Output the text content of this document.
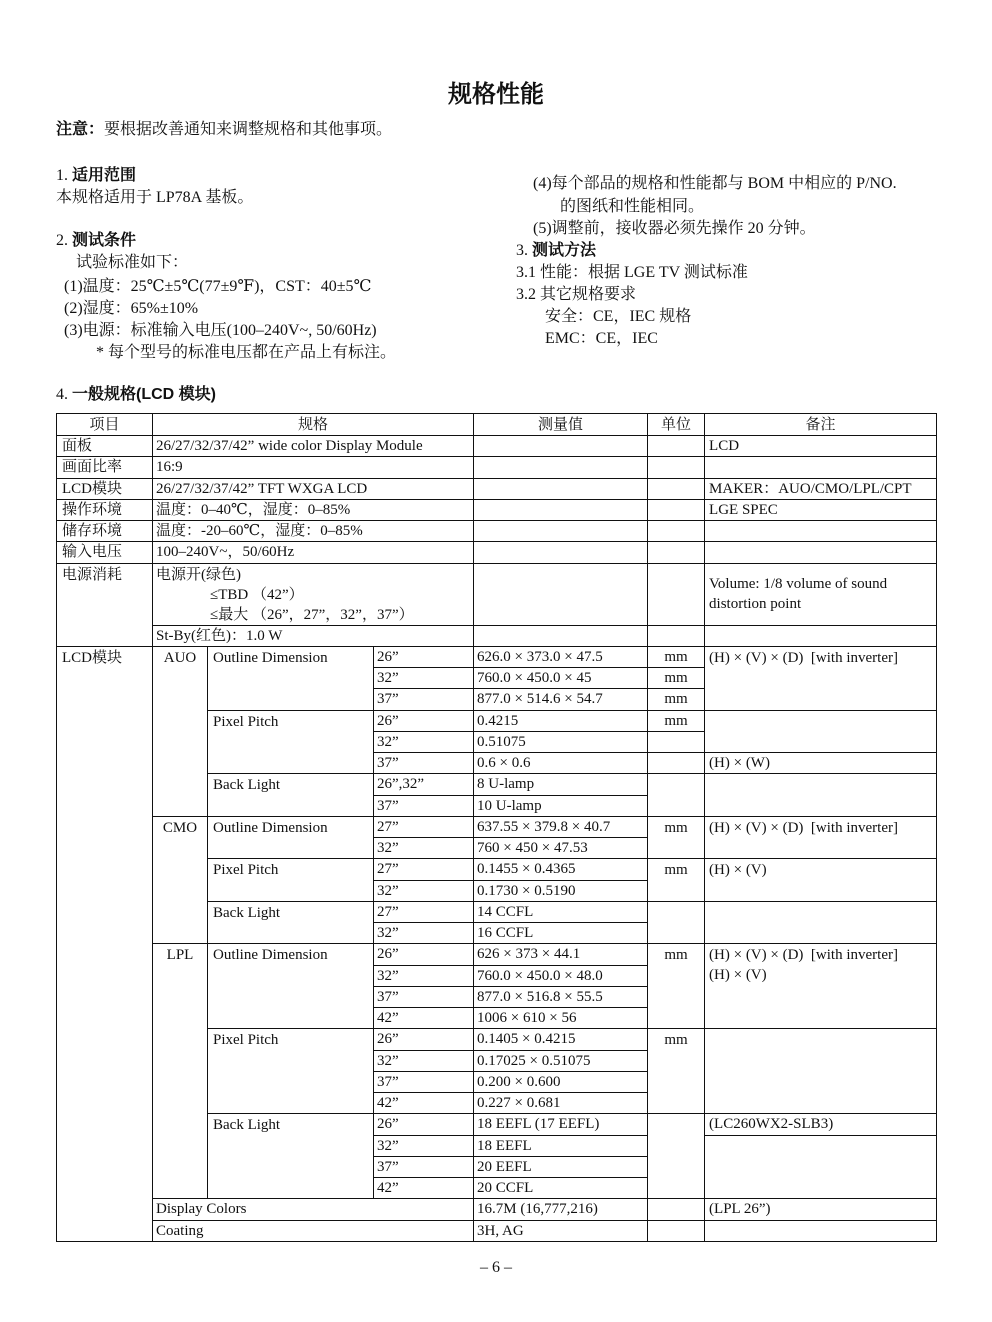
规格性能
注意：要根据改善通知来调整规格和其他事项。
1. 适用范围
本规格适用于 LP78A 基板。
2. 测试条件
试验标准如下：
(1)温度：25℃±5℃(77±9℉)，CST：40±5℃
(2)湿度：65%±10%
(3)电源：标准输入电压(100–240V~, 50/60Hz)
* 每个型号的标准电压都在产品上有标注。
(4)每个部品的规格和性能都与 BOM 中相应的 P/NO.
的图纸和性能相同。
(5)调整前，接收器必须先操作 20 分钟。
3. 测试方法
3.1 性能：根据 LGE TV 测试标准
3.2 其它规格要求
安全：CE，IEC 规格
EMC：CE，IEC
4. 一般规格(LCD 模块)
项目	规格			测量值	单位	备注
面板	26/27/32/37/42” wide color Display Module					LCD
画面比率	16:9					
LCD模块	26/27/32/37/42” TFT WXGA LCD					MAKER：AUO/CMO/LPL/CPT
操作环境	温度：0–40℃，湿度：0–85%					LGE SPEC
储存环境	温度：-20–60℃，湿度：0–85%					
输入电压	100–240V~，50/60Hz					
电源消耗	电源开(绿色)
≤TBD （42”）
≤最大 （26”，27”，32”，37”）					Volume: 1/8 volume of sound distortion point
	St-By(红色)：1.0 W					
LCD模块	AUO	Outline Dimension	26”	626.0 × 373.0 × 47.5	mm	(H) × (V) × (D)  [with inverter]
			32”	760.0 × 450.0 × 45	mm	
			37”	877.0 × 514.6 × 54.7	mm	
		Pixel Pitch	26”	0.4215	mm	
			32”	0.51075		
			37”	0.6 × 0.6		(H) × (W)
		Back Light	26”,32”	8 U-lamp		
			37”	10 U-lamp		
	CMO	Outline Dimension	27”	637.55 × 379.8 × 40.7	mm	(H) × (V) × (D)  [with inverter]
			32”	760 × 450 × 47.53		
		Pixel Pitch	27”	0.1455 × 0.4365	mm	(H) × (V)
			32”	0.1730 × 0.5190		
		Back Light	27”	14 CCFL		
			32”	16 CCFL		
	LPL	Outline Dimension	26”	626 × 373 × 44.1	mm	(H) × (V) × (D)  [with inverter]
(H) × (V)

			32”	760.0 × 450.0 × 48.0		
			37”	877.0 × 516.8 × 55.5		
			42”	1006 × 610 × 56		
		Pixel Pitch	26”	0.1405 × 0.4215	mm	
			32”	0.17025 × 0.51075		
			37”	0.200 × 0.600		
			42”	0.227 × 0.681		
		Back Light	26”	18 EEFL (17 EEFL)		(LC260WX2-SLB3)
			32”	18 EEFL		
			37”	20 EEFL		
			42”	20 CCFL		
	Display Colors			16.7M (16,777,216)		(LPL 26”)
	Coating			3H, AG		
– 6 –
